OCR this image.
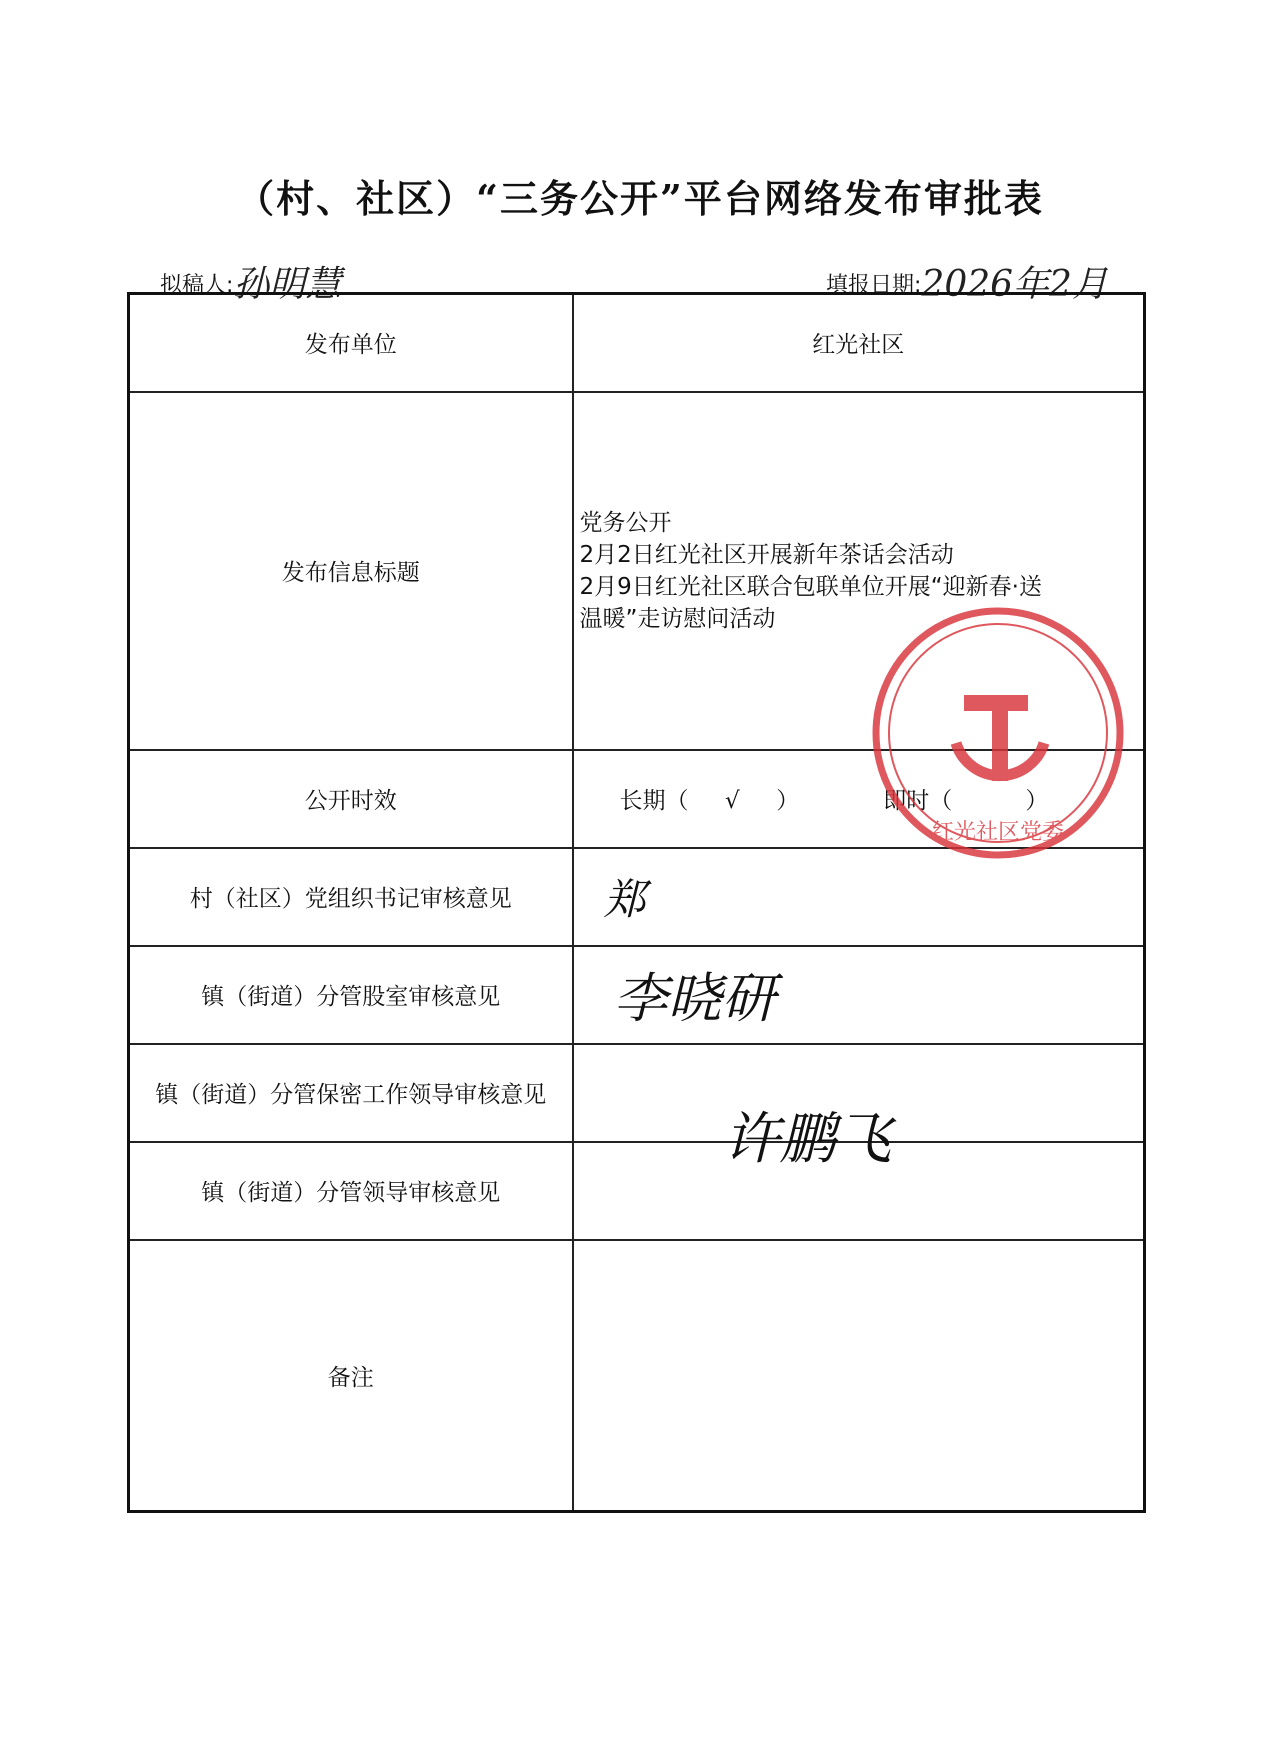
（村、社区）“三务公开”平台网络发布审批表
拟稿人:孙明慧	填报日期:2026年2月
发布单位	红光社区
发布信息标题	党务公开
2月2日红光社区开展新年茶话会活动
2月9日红光社区联合包联单位开展“迎新春·送
温暖”走访慰问活动

公开时效	长期（     √     ） 即时（          ）

村（社区）党组织书记审核意见	郑
镇（街道）分管股室审核意见	李晓研
镇（街道）分管保密工作领导审核意见	许鹏飞
镇（街道）分管领导审核意见	
备注	
红光社区党委
